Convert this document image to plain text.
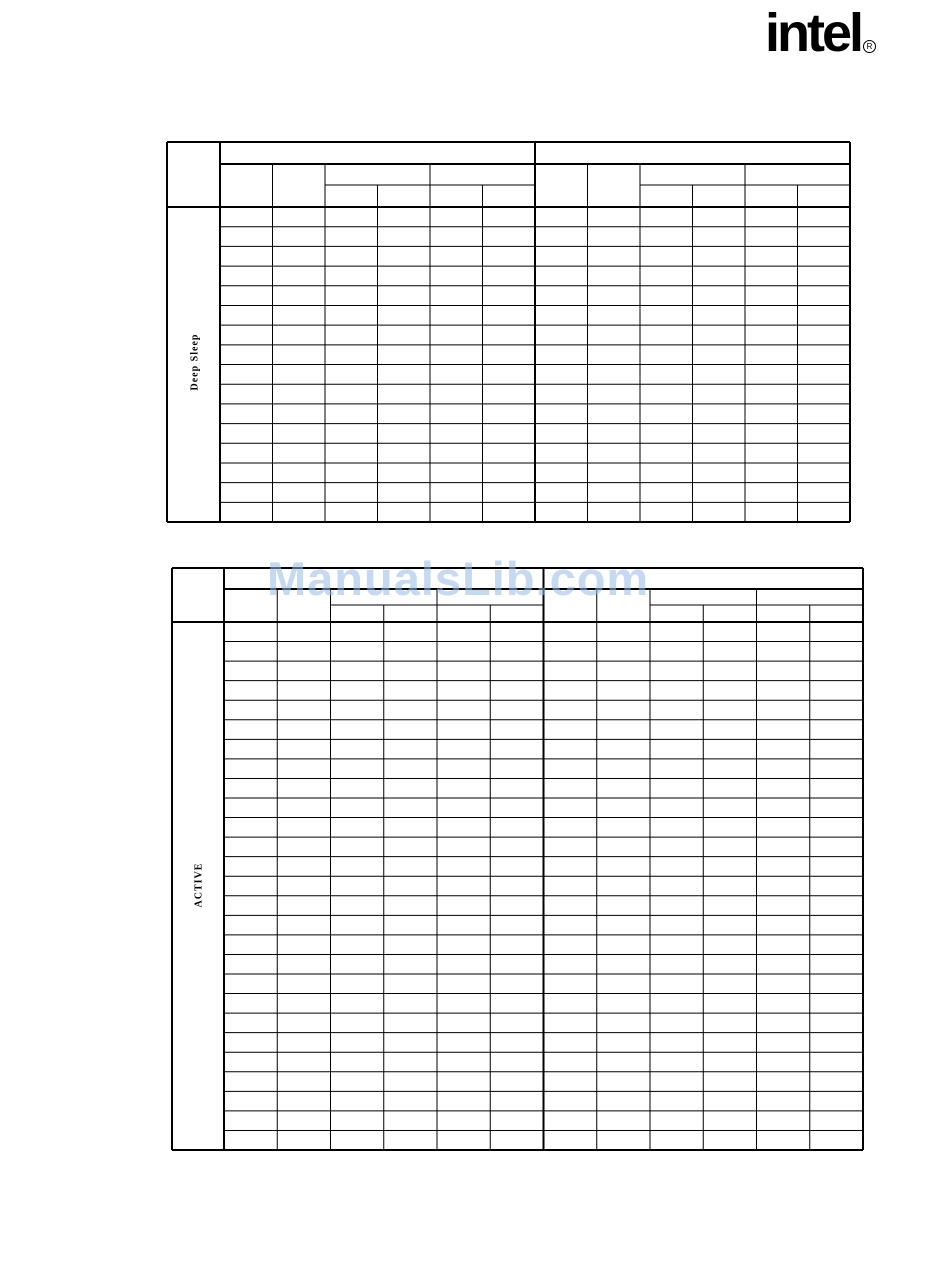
intel R
Deep Sleep
ACTIVE
ManualsLib.com
